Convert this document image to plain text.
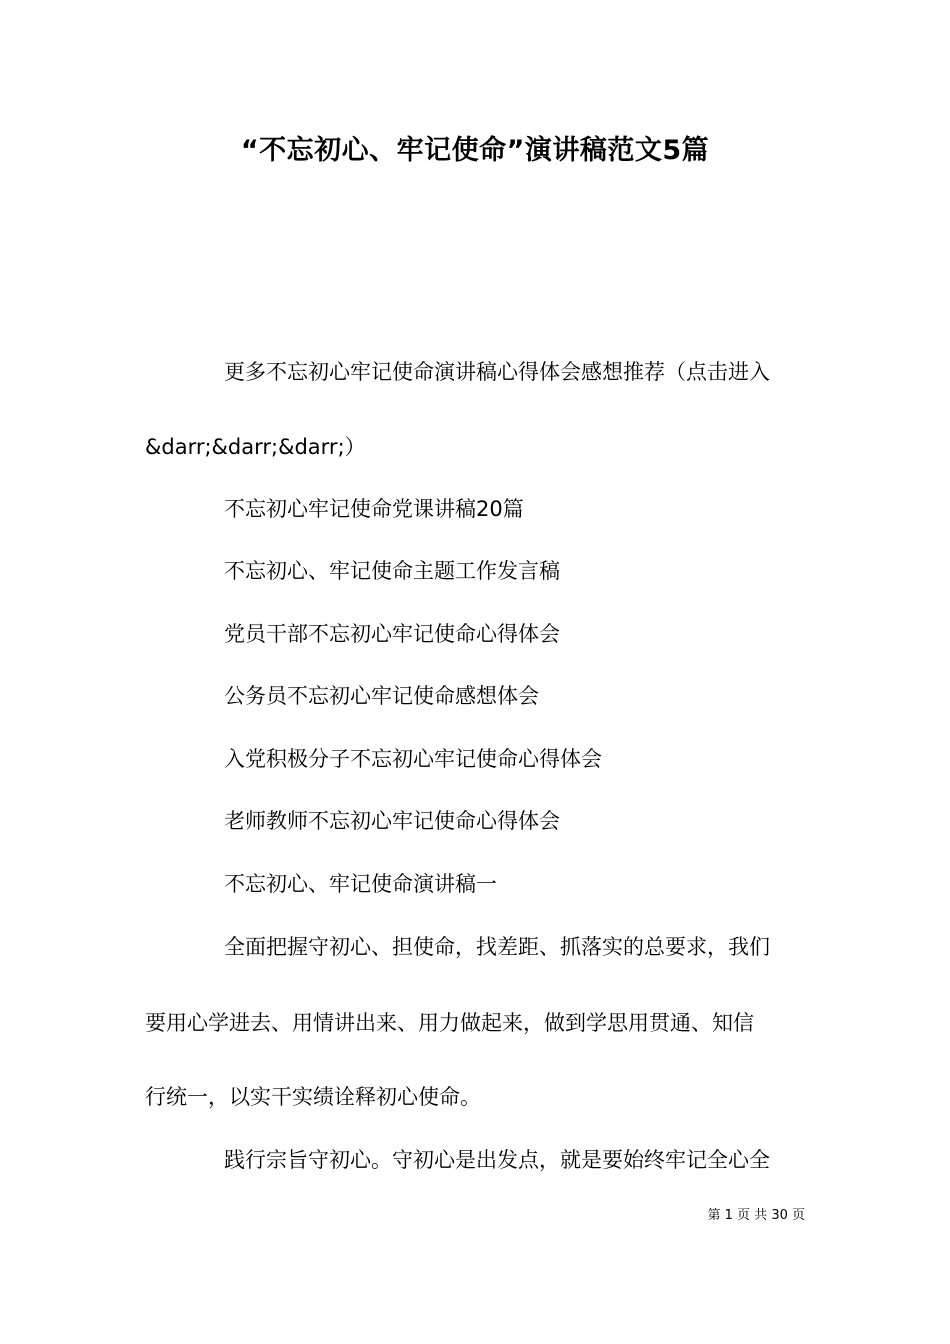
“不忘初心、牢记使命”演讲稿范文5篇
更多不忘初心牢记使命演讲稿心得体会感想推荐（点击进入
&darr;&darr;&darr;）
不忘初心牢记使命党课讲稿20篇
不忘初心、牢记使命主题工作发言稿
党员干部不忘初心牢记使命心得体会
公务员不忘初心牢记使命感想体会
入党积极分子不忘初心牢记使命心得体会
老师教师不忘初心牢记使命心得体会
不忘初心、牢记使命演讲稿一
全面把握守初心、担使命，找差距、抓落实的总要求，我们
要用心学进去、用情讲出来、用力做起来，做到学思用贯通、知信
行统一，以实干实绩诠释初心使命。
践行宗旨守初心。守初心是出发点，就是要始终牢记全心全
第 1 页 共 30 页
